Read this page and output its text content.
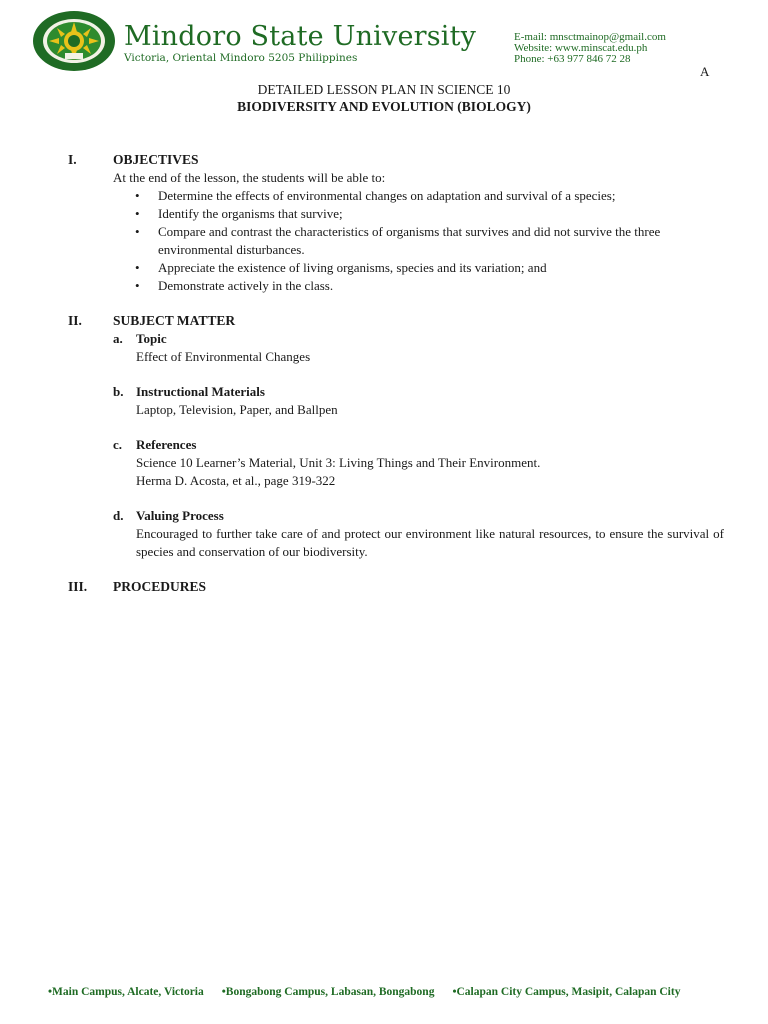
Mindoro State University
Victoria, Oriental Mindoro 5205 Philippines
E-mail: mnsctmainop@gmail.com
Website: www.minscat.edu.ph
Phone: +63 977 846 72 28
A
DETAILED LESSON PLAN IN SCIENCE 10
BIODIVERSITY AND EVOLUTION (BIOLOGY)
I.	OBJECTIVES
At the end of the lesson, the students will be able to:
• Determine the effects of environmental changes on adaptation and survival of a species;
• Identify the organisms that survive;
• Compare and contrast the characteristics of organisms that survives and did not survive the three environmental disturbances.
• Appreciate the existence of living organisms, species and its variation; and
• Demonstrate actively in the class.
II.	SUBJECT MATTER
a.	Topic
Effect of Environmental Changes
b. Instructional Materials
Laptop, Television, Paper, and Ballpen
c.	References
Science 10 Learner’s Material, Unit 3: Living Things and Their Environment.
Herma D. Acosta, et al., page 319-322
d. Valuing Process
Encouraged to further take care of and protect our environment like natural resources, to ensure the survival of species and conservation of our biodiversity.
III.	PROCEDURES
•Main Campus, Alcate, Victoria •Bongabong Campus, Labasan, Bongabong •Calapan City Campus, Masipit, Calapan City
